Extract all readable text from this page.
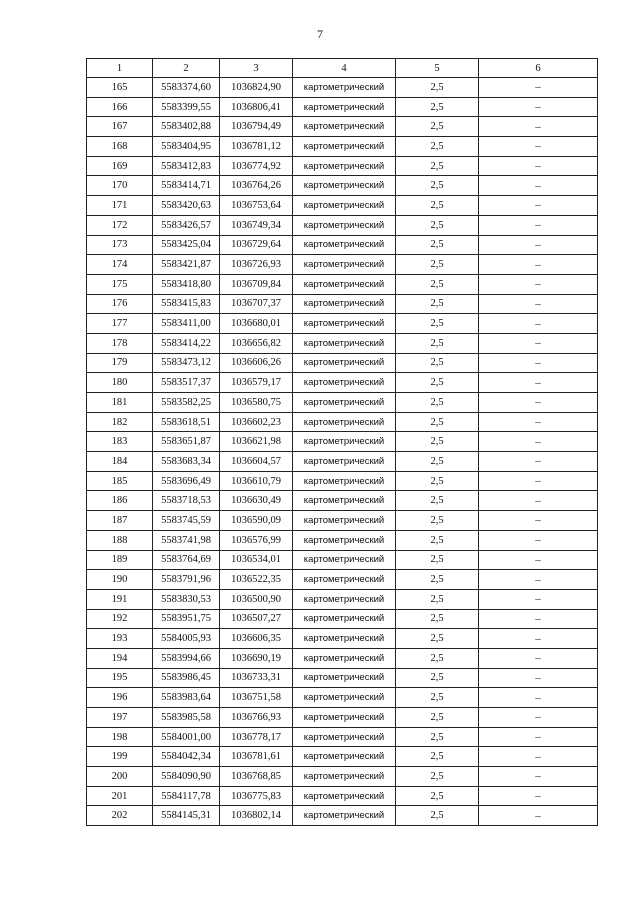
7
1	2	3	4	5	6
165	5583374,60	1036824,90	картометрический	2,5	–
166	5583399,55	1036806,41	картометрический	2,5	–
167	5583402,88	1036794,49	картометрический	2,5	–
168	5583404,95	1036781,12	картометрический	2,5	–
169	5583412,83	1036774,92	картометрический	2,5	–
170	5583414,71	1036764,26	картометрический	2,5	–
171	5583420,63	1036753,64	картометрический	2,5	–
172	5583426,57	1036749,34	картометрический	2,5	–
173	5583425,04	1036729,64	картометрический	2,5	–
174	5583421,87	1036726,93	картометрический	2,5	–
175	5583418,80	1036709,84	картометрический	2,5	–
176	5583415,83	1036707,37	картометрический	2,5	–
177	5583411,00	1036680,01	картометрический	2,5	–
178	5583414,22	1036656,82	картометрический	2,5	–
179	5583473,12	1036606,26	картометрический	2,5	–
180	5583517,37	1036579,17	картометрический	2,5	–
181	5583582,25	1036580,75	картометрический	2,5	–
182	5583618,51	1036602,23	картометрический	2,5	–
183	5583651,87	1036621,98	картометрический	2,5	–
184	5583683,34	1036604,57	картометрический	2,5	–
185	5583696,49	1036610,79	картометрический	2,5	–
186	5583718,53	1036630,49	картометрический	2,5	–
187	5583745,59	1036590,09	картометрический	2,5	–
188	5583741,98	1036576,99	картометрический	2,5	–
189	5583764,69	1036534,01	картометрический	2,5	–
190	5583791,96	1036522,35	картометрический	2,5	–
191	5583830,53	1036500,90	картометрический	2,5	–
192	5583951,75	1036507,27	картометрический	2,5	–
193	5584005,93	1036606,35	картометрический	2,5	–
194	5583994,66	1036690,19	картометрический	2,5	–
195	5583986,45	1036733,31	картометрический	2,5	–
196	5583983,64	1036751,58	картометрический	2,5	–
197	5583985,58	1036766,93	картометрический	2,5	–
198	5584001,00	1036778,17	картометрический	2,5	–
199	5584042,34	1036781,61	картометрический	2,5	–
200	5584090,90	1036768,85	картометрический	2,5	–
201	5584117,78	1036775,83	картометрический	2,5	–
202	5584145,31	1036802,14	картометрический	2,5	–
